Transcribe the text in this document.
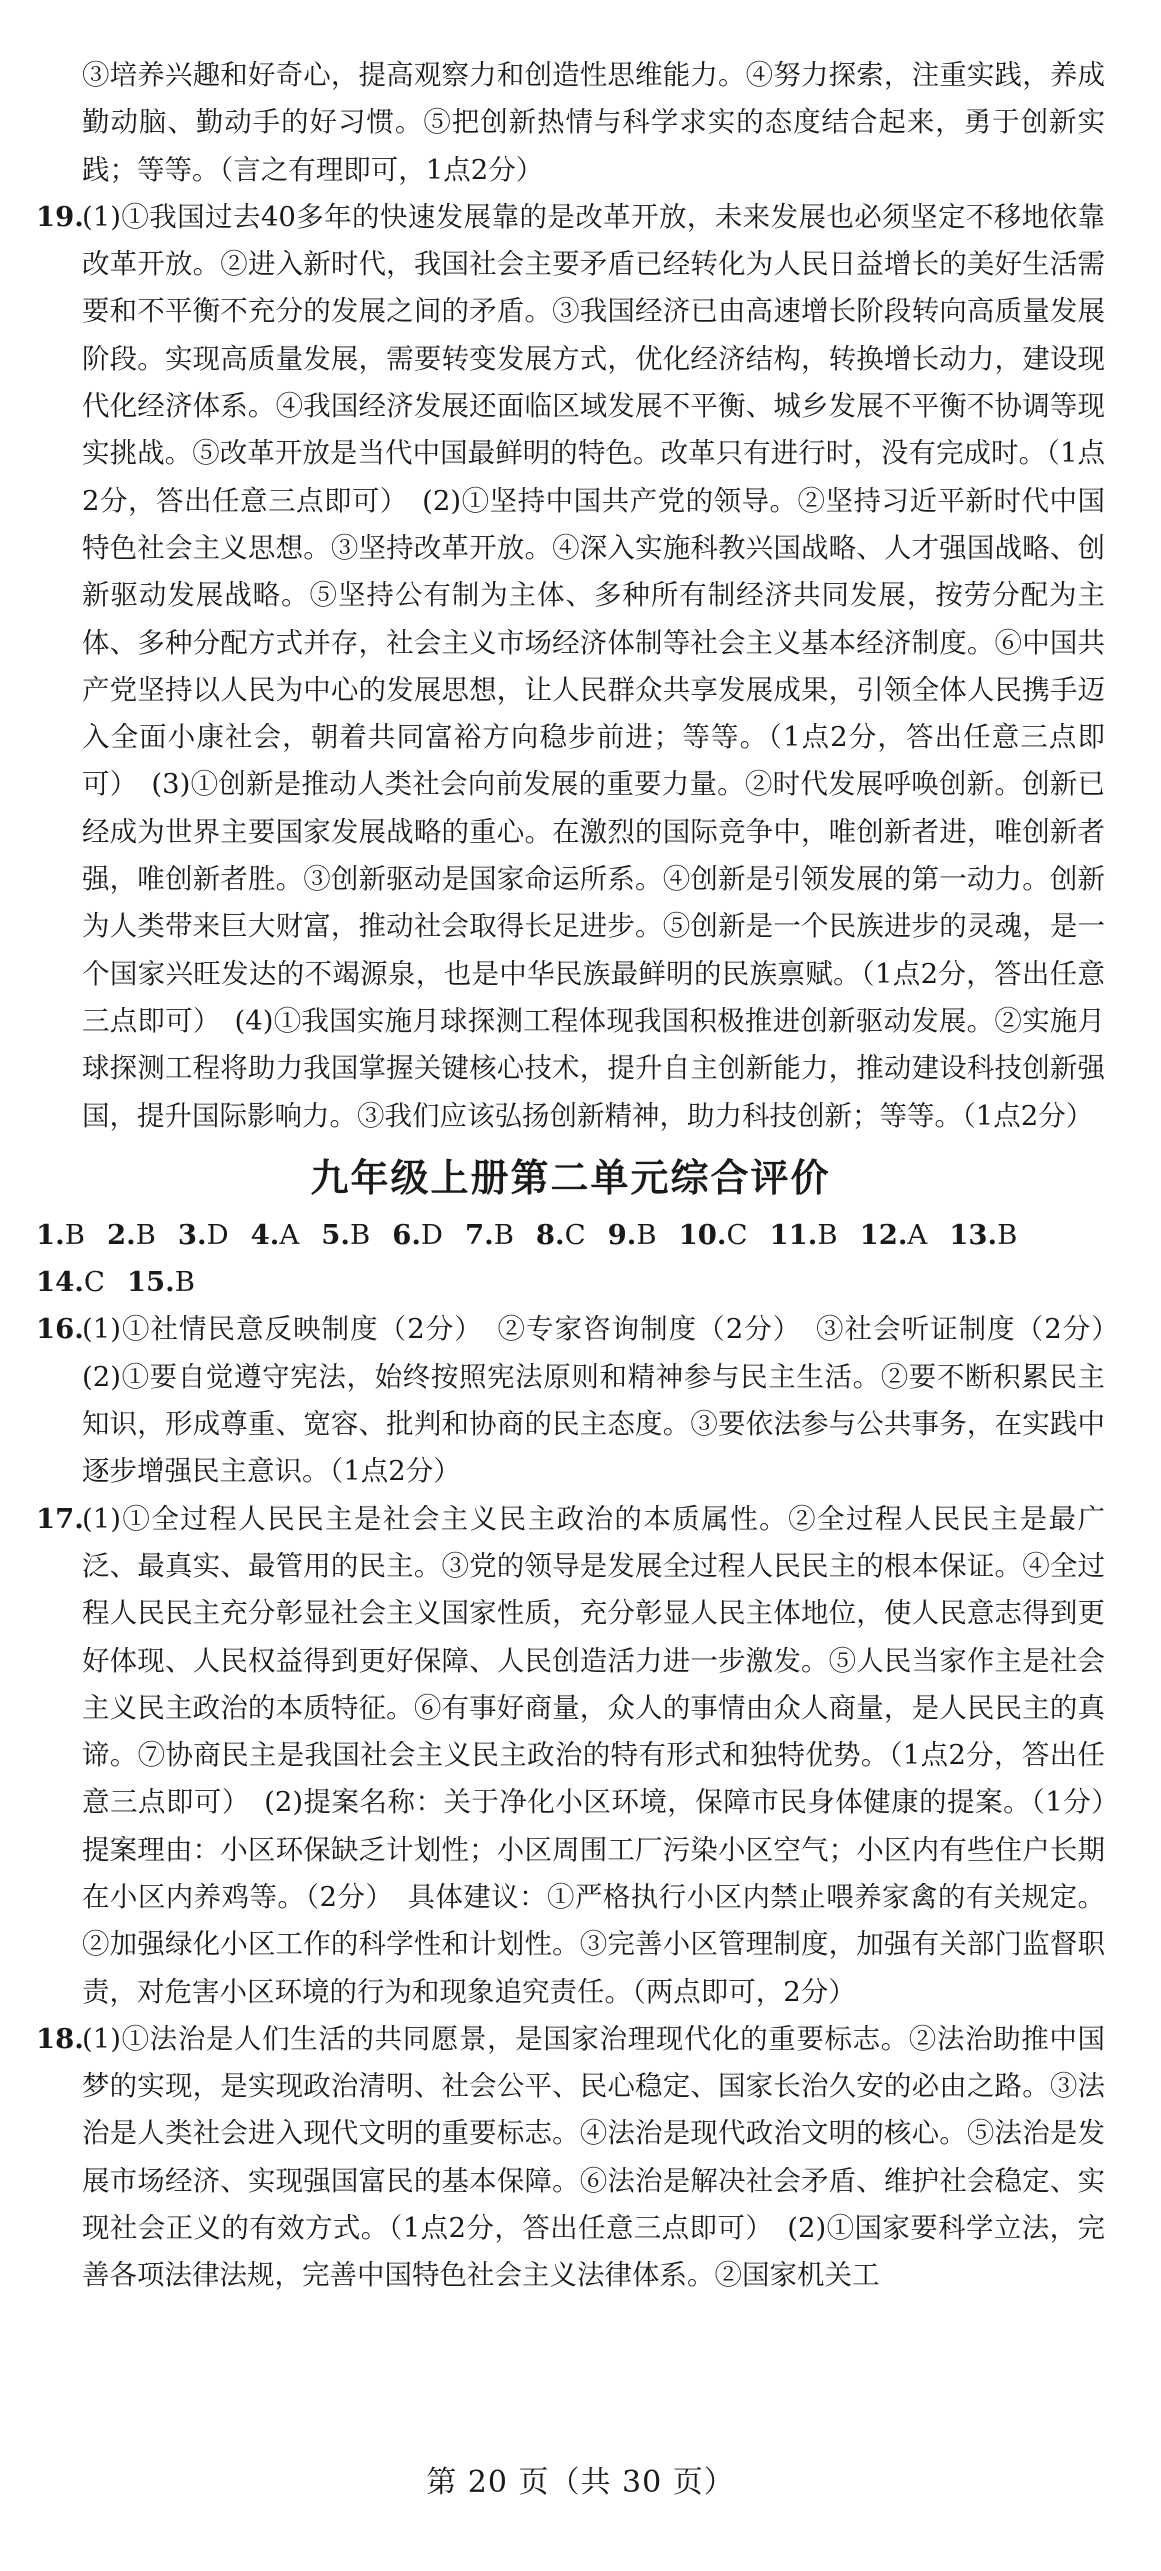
③培养兴趣和好奇心，提高观察力和创造性思维能力。④努力探索，注重实践，养成勤动脑、勤动手的好习惯。⑤把创新热情与科学求实的态度结合起来，勇于创新实践；等等。（言之有理即可，1点2分）

19.

(1)①我国过去40多年的快速发展靠的是改革开放，未来发展也必须坚定不移地依靠改革开放。②进入新时代，我国社会主要矛盾已经转化为人民日益增长的美好生活需要和不平衡不充分的发展之间的矛盾。③我国经济已由高速增长阶段转向高质量发展阶段。实现高质量发展，需要转变发展方式，优化经济结构，转换增长动力，建设现代化经济体系。④我国经济发展还面临区域发展不平衡、城乡发展不平衡不协调等现实挑战。⑤改革开放是当代中国最鲜明的特色。改革只有进行时，没有完成时。（1点2分，答出任意三点即可）　(2)①坚持中国共产党的领导。②坚持习近平新时代中国特色社会主义思想。③坚持改革开放。④深入实施科教兴国战略、人才强国战略、创新驱动发展战略。⑤坚持公有制为主体、多种所有制经济共同发展，按劳分配为主体、多种分配方式并存，社会主义市场经济体制等社会主义基本经济制度。⑥中国共产党坚持以人民为中心的发展思想，让人民群众共享发展成果，引领全体人民携手迈入全面小康社会，朝着共同富裕方向稳步前进；等等。（1点2分，答出任意三点即可）　(3)①创新是推动人类社会向前发展的重要力量。②时代发展呼唤创新。创新已经成为世界主要国家发展战略的重心。在激烈的国际竞争中，唯创新者进，唯创新者强，唯创新者胜。③创新驱动是国家命运所系。④创新是引领发展的第一动力。创新为人类带来巨大财富，推动社会取得长足进步。⑤创新是一个民族进步的灵魂，是一个国家兴旺发达的不竭源泉，也是中华民族最鲜明的民族禀赋。（1点2分，答出任意三点即可）　(4)①我国实施月球探测工程体现我国积极推进创新驱动发展。②实施月球探测工程将助力我国掌握关键核心技术，提升自主创新能力，推动建设科技创新强国，提升国际影响力。③我们应该弘扬创新精神，助力科技创新；等等。（1点2分）

九年级上册第二单元综合评价

1.B 2.B 3.D 4.A 5.B 6.D 7.B 8.C 9.B 10.C 11.B 12.A 13.B
14.C 15.B

16.

(1)①社情民意反映制度（2分）　②专家咨询制度（2分）　③社会听证制度（2分）　(2)①要自觉遵守宪法，始终按照宪法原则和精神参与民主生活。②要不断积累民主知识，形成尊重、宽容、批判和协商的民主态度。③要依法参与公共事务，在实践中逐步增强民主意识。（1点2分）

17.

(1)①全过程人民民主是社会主义民主政治的本质属性。②全过程人民民主是最广泛、最真实、最管用的民主。③党的领导是发展全过程人民民主的根本保证。④全过程人民民主充分彰显社会主义国家性质，充分彰显人民主体地位，使人民意志得到更好体现、人民权益得到更好保障、人民创造活力进一步激发。⑤人民当家作主是社会主义民主政治的本质特征。⑥有事好商量，众人的事情由众人商量，是人民民主的真谛。⑦协商民主是我国社会主义民主政治的特有形式和独特优势。（1点2分，答出任意三点即可）　(2)提案名称：关于净化小区环境，保障市民身体健康的提案。（1分）　提案理由：小区环保缺乏计划性；小区周围工厂污染小区空气；小区内有些住户长期在小区内养鸡等。（2分）　具体建议：①严格执行小区内禁止喂养家禽的有关规定。②加强绿化小区工作的科学性和计划性。③完善小区管理制度，加强有关部门监督职责，对危害小区环境的行为和现象追究责任。（两点即可，2分）

18.

(1)①法治是人们生活的共同愿景，是国家治理现代化的重要标志。②法治助推中国梦的实现，是实现政治清明、社会公平、民心稳定、国家长治久安的必由之路。③法治是人类社会进入现代文明的重要标志。④法治是现代政治文明的核心。⑤法治是发展市场经济、实现强国富民的基本保障。⑥法治是解决社会矛盾、维护社会稳定、实现社会正义的有效方式。（1点2分，答出任意三点即可）　(2)①国家要科学立法，完善各项法律法规，完善中国特色社会主义法律体系。②国家机关工

第 20 页（共 30 页）
